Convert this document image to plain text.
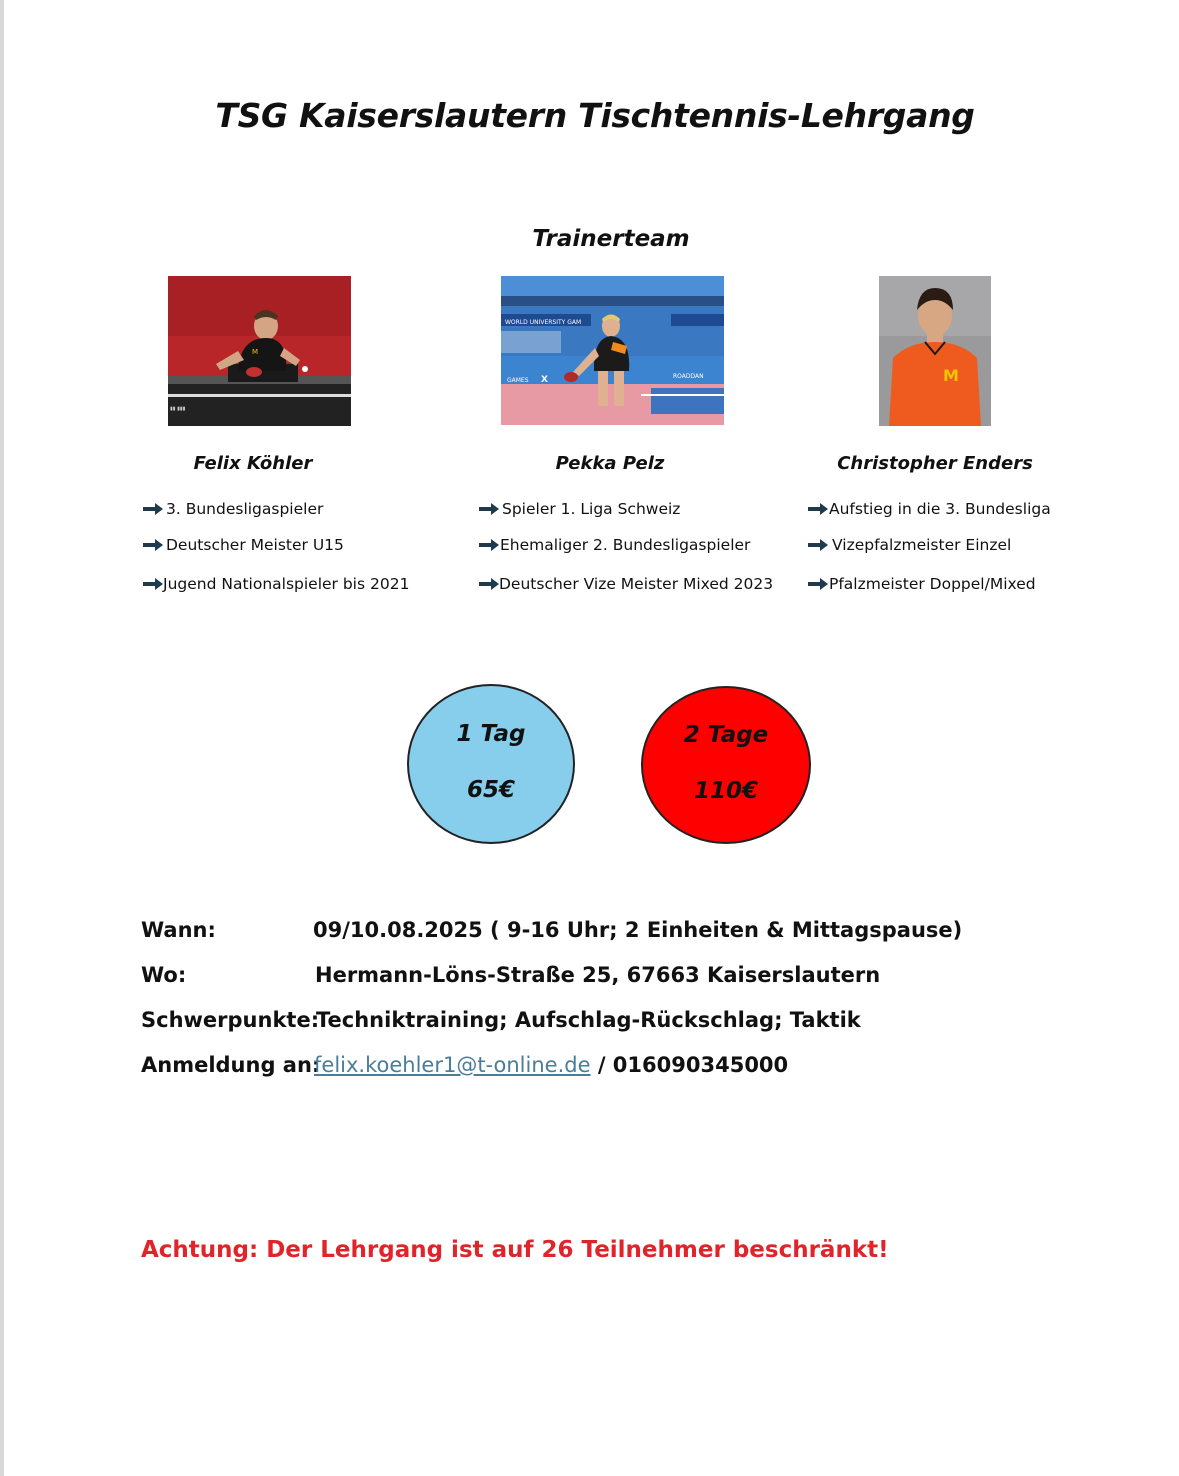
TSG Kaiserslautern Tischtennis-Lehrgang
Trainerteam
M
▮▮ ▮▮▮
WORLD UNIVERSITY GAM
GAMES X	ROADDAN	M
Felix Köhler	Pekka Pelz	Christopher Enders
3. Bundesligaspieler
Deutscher Meister U15
Jugend Nationalspieler bis 2021
Spieler 1. Liga Schweiz
Ehemaliger 2. Bundesligaspieler
Deutscher Vize Meister Mixed 2023
Aufstieg in die 3. Bundesliga
Vizepfalzmeister Einzel
Pfalzmeister Doppel/Mixed
1 Tag
65€
2 Tage
110€
Wann:	09/10.08.2025 ( 9-16 Uhr; 2 Einheiten & Mittagspause)
Wo:	Hermann-Löns-Straße 25, 67663 Kaiserslautern
Schwerpunkte:
Techniktraining; Aufschlag-Rückschlag; Taktik
Anmeldung an:
felix.koehler1@t-online.de / 016090345000
Achtung: Der Lehrgang ist auf 26 Teilnehmer beschränkt!
